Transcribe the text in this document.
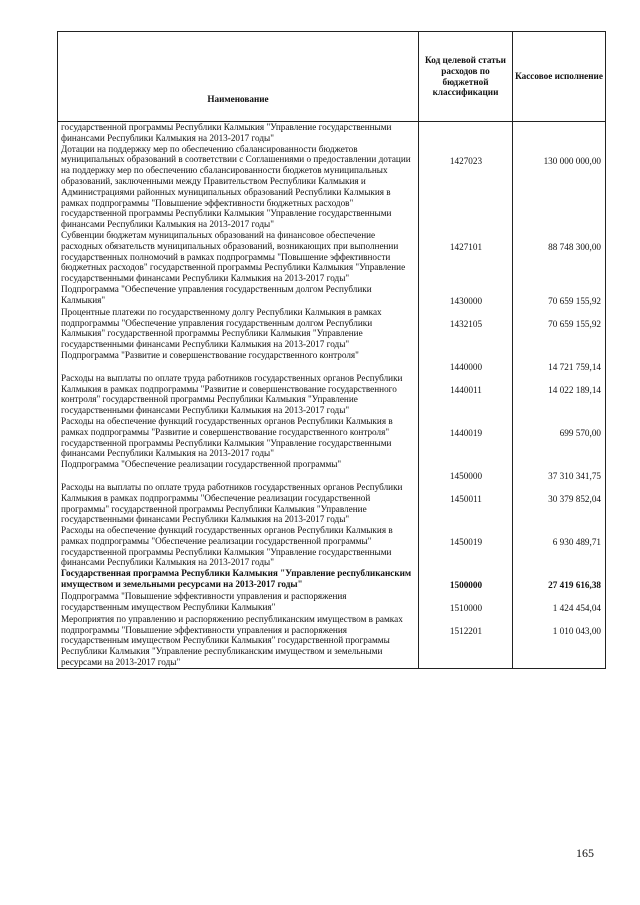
Наименование	Код целевой статьи расходов по бюджетной классификации	Кассовое исполнение
государственной программы Республики Калмыкия "Управление государственными финансами Республики Калмыкия на 2013-2017 годы"		
Дотации на поддержку мер по обеспечению сбалансированности бюджетов муниципальных образований в соответствии с Соглашениями о предоставлении дотации на поддержку мер по обеспечению сбалансированности бюджетов муниципальных образований, заключенными между Правительством Республики Калмыкия и Администрациями районных муниципальных образований Республики Калмыкия в рамках подпрограммы "Повышение эффективности бюджетных расходов" государственной программы Республики Калмыкия "Управление государственными финансами Республики Калмыкия на 2013-2017 годы"	1427023	130 000 000,00
Субвенции бюджетам муниципальных образований на финансовое обеспечение расходных обязательств муниципальных образований, возникающих при выполнении государственных полномочий в рамках подпрограммы "Повышение эффективности бюджетных расходов" государственной программы Республики Калмыкия "Управление государственными финансами Республики Калмыкия на 2013-2017 годы"	1427101	88 748 300,00
Подпрограмма "Обеспечение управления государственным долгом Республики Калмыкия"	1430000	70 659 155,92
Процентные платежи по государственному долгу Республики Калмыкия в рамках подпрограммы "Обеспечение управления государственным долгом Республики Калмыкия" государственной программы Республики Калмыкия "Управление государственными финансами Республики Калмыкия на 2013-2017 годы"	1432105	70 659 155,92
Подпрограмма "Развитие и совершенствование государственного контроля"	1440000	14 721 759,14
Расходы на выплаты по оплате труда работников государственных органов Республики Калмыкия в рамках подпрограммы "Развитие и совершенствование государственного контроля" государственной программы Республики Калмыкия "Управление государственными финансами Республики Калмыкия на 2013-2017 годы"	1440011	14 022 189,14
Расходы на обеспечение функций государственных органов Республики Калмыкия в рамках подпрограммы "Развитие и совершенствование государственного контроля" государственной программы Республики Калмыкия "Управление государственными финансами Республики Калмыкия на 2013-2017 годы"	1440019	699 570,00
Подпрограмма "Обеспечение реализации государственной программы"	1450000	37 310 341,75
Расходы на выплаты по оплате труда работников государственных органов Республики Калмыкия в рамках подпрограммы "Обеспечение реализации государственной программы" государственной программы Республики Калмыкия "Управление государственными финансами Республики Калмыкия на 2013-2017 годы"	1450011	30 379 852,04
Расходы на обеспечение функций государственных органов Республики Калмыкия в рамках подпрограммы "Обеспечение реализации государственной программы" государственной программы Республики Калмыкия "Управление государственными финансами Республики Калмыкия на 2013-2017 годы"	1450019	6 930 489,71
Государственная программа Республики Калмыкия "Управление республиканским имуществом и земельными ресурсами на 2013-2017 годы"	1500000	27 419 616,38
Подпрограмма "Повышение эффективности управления и распоряжения государственным имуществом Республики Калмыкия"	1510000	1 424 454,04
Мероприятия по управлению и распоряжению республиканским имуществом в рамках подпрограммы "Повышение эффективности управления и распоряжения государственным имуществом Республики Калмыкия" государственной программы Республики Калмыкия "Управление республиканским имуществом и земельными ресурсами на 2013-2017 годы"	1512201	1 010 043,00
165
